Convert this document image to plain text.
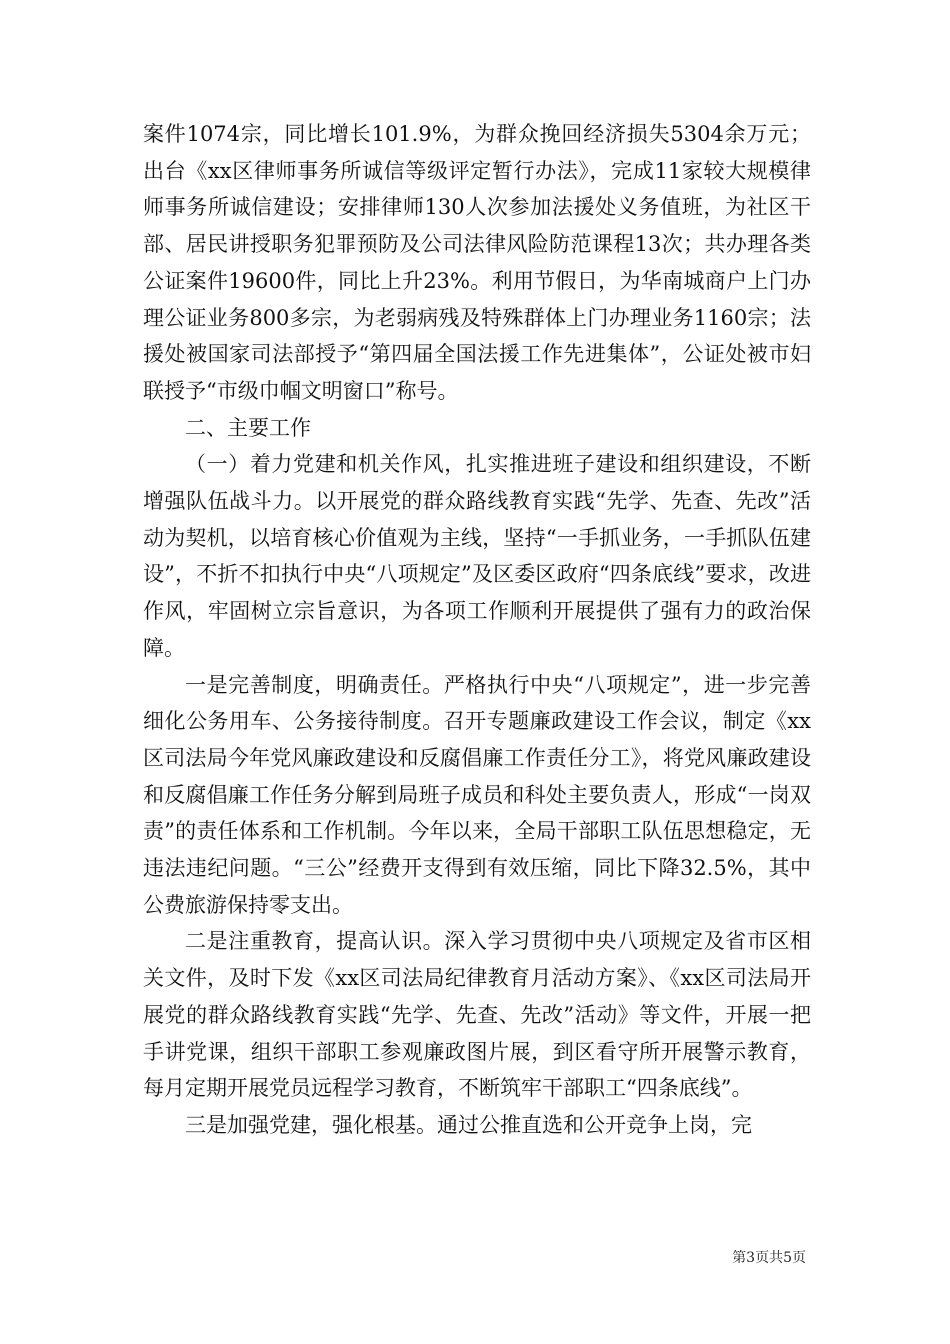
案件1074宗，同比增长101.9%，为群众挽回经济损失5304余万元；出台《xx区律师事务所诚信等级评定暂行办法》，完成11家较大规模律师事务所诚信建设；安排律师130人次参加法援处义务值班，为社区干部、居民讲授职务犯罪预防及公司法律风险防范课程13次；共办理各类公证案件19600件，同比上升23%。利用节假日，为华南城商户上门办理公证业务800多宗，为老弱病残及特殊群体上门办理业务1160宗；法援处被国家司法部授予“第四届全国法援工作先进集体”，公证处被市妇联授予“市级巾帼文明窗口”称号。

二、主要工作

（一）着力党建和机关作风，扎实推进班子建设和组织建设，不断增强队伍战斗力。以开展党的群众路线教育实践“先学、先查、先改”活动为契机，以培育核心价值观为主线，坚持“一手抓业务，一手抓队伍建设”，不折不扣执行中央“八项规定”及区委区政府“四条底线”要求，改进作风，牢固树立宗旨意识，为各项工作顺利开展提供了强有力的政治保障。

一是完善制度，明确责任。严格执行中央“八项规定”，进一步完善细化公务用车、公务接待制度。召开专题廉政建设工作会议，制定《xx区司法局今年党风廉政建设和反腐倡廉工作责任分工》，将党风廉政建设和反腐倡廉工作任务分解到局班子成员和科处主要负责人，形成“一岗双责”的责任体系和工作机制。今年以来，全局干部职工队伍思想稳定，无违法违纪问题。“三公”经费开支得到有效压缩，同比下降32.5%，其中公费旅游保持零支出。

二是注重教育，提高认识。深入学习贯彻中央八项规定及省市区相关文件，及时下发《xx区司法局纪律教育月活动方案》、《xx区司法局开展党的群众路线教育实践“先学、先查、先改”活动》等文件，开展一把手讲党课，组织干部职工参观廉政图片展，到区看守所开展警示教育，每月定期开展党员远程学习教育，不断筑牢干部职工“四条底线”。

三是加强党建，强化根基。通过公推直选和公开竞争上岗，完

第3页共5页
